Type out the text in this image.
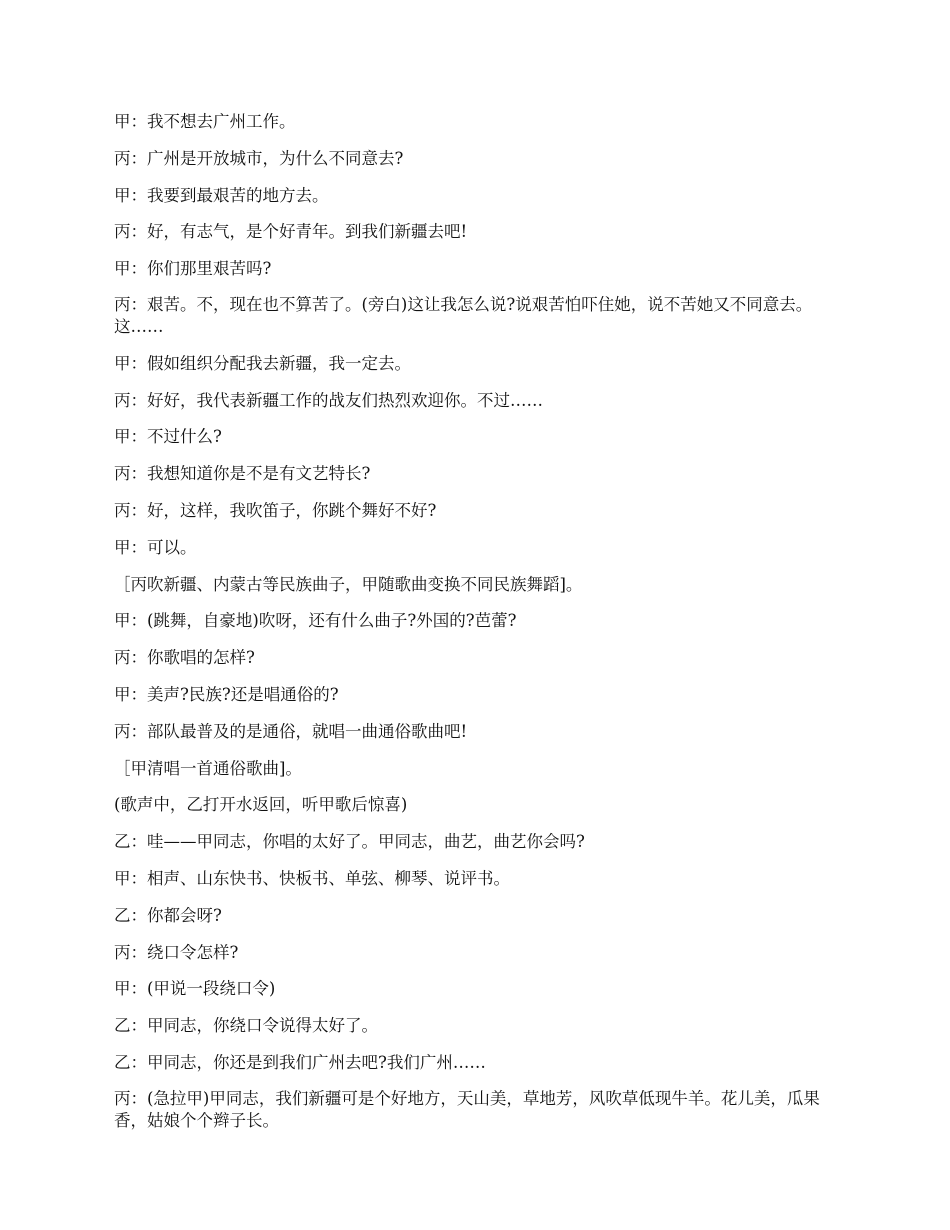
甲：我不想去广州工作。

丙：广州是开放城市，为什么不同意去?

甲：我要到最艰苦的地方去。

丙：好，有志气，是个好青年。到我们新疆去吧!

甲：你们那里艰苦吗?

丙：艰苦。不，现在也不算苦了。(旁白)这让我怎么说?说艰苦怕吓住她，说不苦她又不同意去。这……

甲：假如组织分配我去新疆，我一定去。

丙：好好，我代表新疆工作的战友们热烈欢迎你。不过……

甲：不过什么?

丙：我想知道你是不是有文艺特长?

丙：好，这样，我吹笛子，你跳个舞好不好?

甲：可以。

［丙吹新疆、内蒙古等民族曲子，甲随歌曲变换不同民族舞蹈]。

甲：(跳舞，自豪地)吹呀，还有什么曲子?外国的?芭蕾?

丙：你歌唱的怎样?

甲：美声?民族?还是唱通俗的?

丙：部队最普及的是通俗，就唱一曲通俗歌曲吧!

［甲清唱一首通俗歌曲]。

(歌声中，乙打开水返回，听甲歌后惊喜)

乙：哇——甲同志，你唱的太好了。甲同志，曲艺，曲艺你会吗?

甲：相声、山东快书、快板书、单弦、柳琴、说评书。

乙：你都会呀?

丙：绕口令怎样?

甲：(甲说一段绕口令)

乙：甲同志，你绕口令说得太好了。

乙：甲同志，你还是到我们广州去吧?我们广州……

丙：(急拉甲)甲同志，我们新疆可是个好地方，天山美，草地芳，风吹草低现牛羊。花儿美，瓜果香，姑娘个个辫子长。
